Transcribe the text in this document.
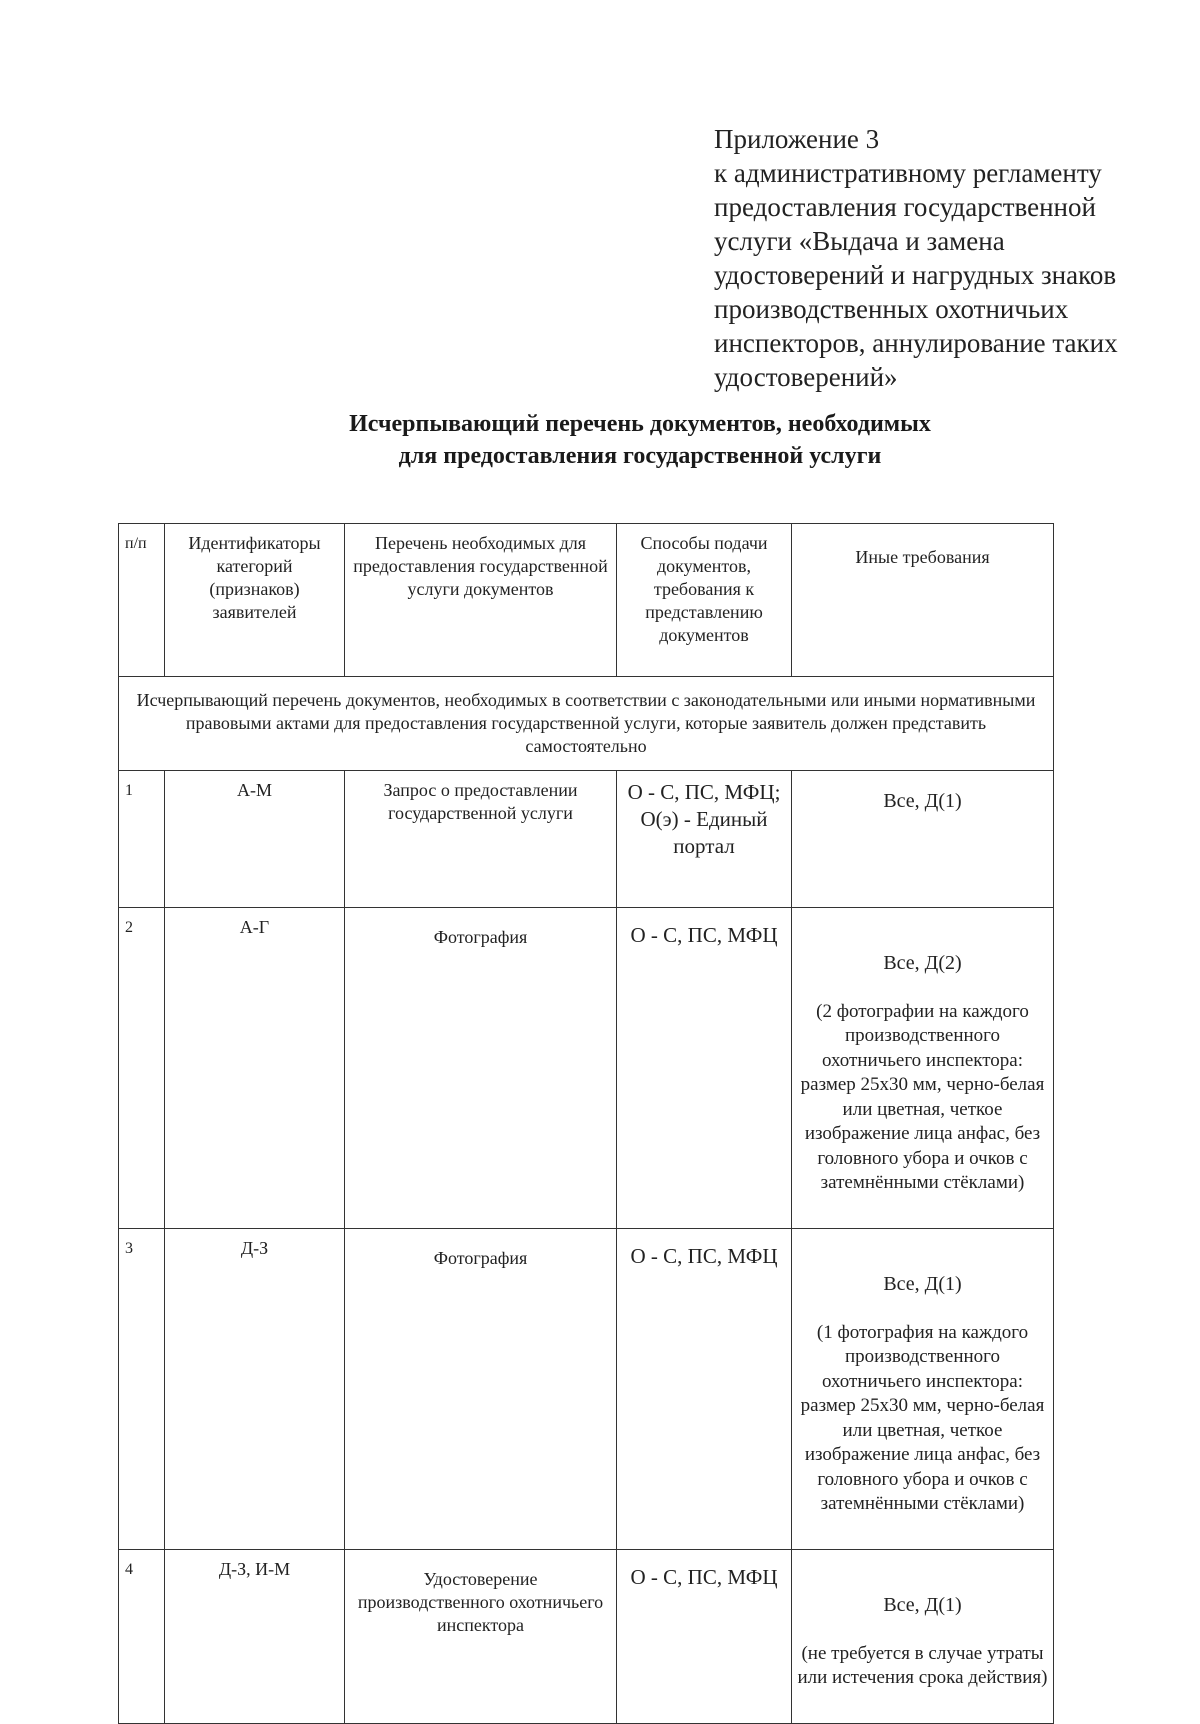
Приложение 3
к административному регламенту
предоставления государственной
услуги «Выдача и замена
удостоверений и нагрудных знаков
производственных охотничьих
инспекторов, аннулирование таких
удостоверений»
Исчерпывающий перечень документов, необходимых
для предоставления государственной услуги
п/п	Идентификаторы категорий (признаков) заявителей	Перечень необходимых для предоставления государственной услуги документов	Способы подачи документов, требования к представлению документов	Иные требования
Исчерпывающий перечень документов, необходимых в соответствии с законодательными или иными нормативными правовыми актами для предоставления государственной услуги, которые заявитель должен представить самостоятельно				
1	А-М	Запрос о предоставлении государственной услуги	О - С, ПС, МФЦ; О(э) - Единый портал	Все, Д(1)
2	А-Г	Фотография	О - С, ПС, МФЦ	Все, Д(2)

(2 фотографии на каждого производственного охотничьего инспектора: размер 25x30 мм, черно-белая или цветная, четкое изображение лица анфас, без головного убора и очков с затемнёнными стёклами)

3	Д-З	Фотография	О - С, ПС, МФЦ	Все, Д(1)

(1 фотография на каждого производственного охотничьего инспектора: размер 25x30 мм, черно-белая или цветная, четкое изображение лица анфас, без головного убора и очков с затемнёнными стёклами)

4	Д-З, И-М	Удостоверение производственного охотничьего инспектора	О - С, ПС, МФЦ	Все, Д(1)

(не требуется в случае утраты или истечения срока действия)
